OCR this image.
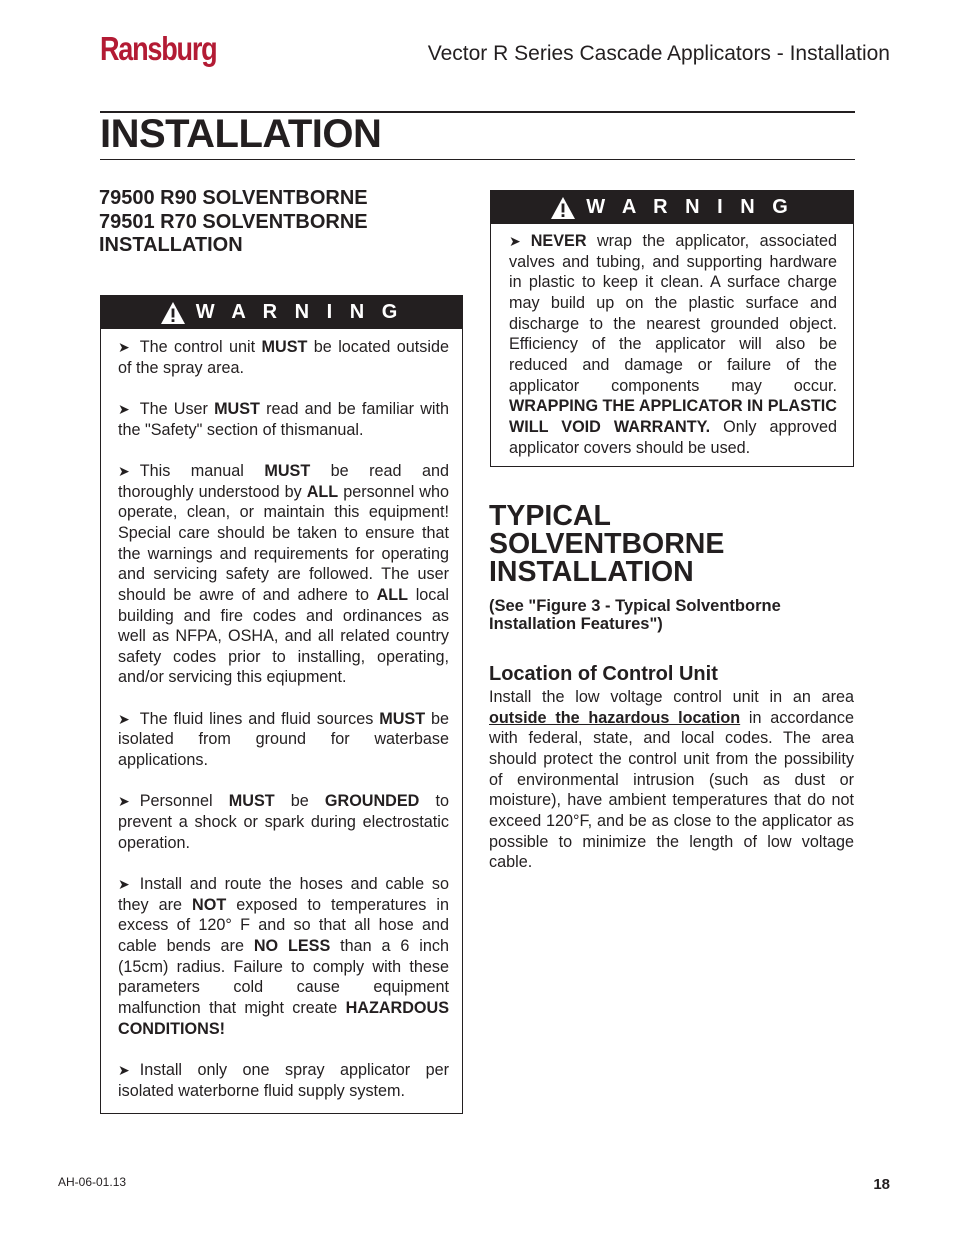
Ransburg	Vector R Series Cascade Applicators - Installation
INSTALLATION
79500 R90 SOLVENTBORNE
79501 R70 SOLVENTBORNE
INSTALLATION
W A R N I N G

➤ The control unit MUST be located outside of the spray area.

➤ The User MUST read and be familiar with the "Safety" section of thismanual.

➤ This manual MUST be read and thoroughly understood by ALL personnel who operate, clean, or maintain this equipment! Special care should be taken to ensure that the warnings and requirements for operating and servicing safety are followed. The user should be awre of and adhere to ALL local building and fire codes and ordinances as well as NFPA, OSHA, and all related country safety codes prior to installing, operating, and/or servicing this eqiupment.

➤ The fluid lines and fluid sources MUST be isolated from ground for waterbase applications.

➤ Personnel MUST be GROUNDED to prevent a shock or spark during electrostatic operation.

➤ Install and route the hoses and cable so they are NOT exposed to temperatures in excess of 120° F and so that all hose and cable bends are NO LESS than a 6 inch (15cm) radius. Failure to comply with these parameters cold cause equipment malfunction that might create HAZARDOUS CONDITIONS!

➤ Install only one spray applicator per isolated waterborne fluid supply system.

W A R N I N G

➤ NEVER wrap the applicator, associated valves and tubing, and supporting hardware in plastic to keep it clean. A surface charge may build up on the plastic surface and discharge to the nearest grounded object. Efficiency of the applicator will also be reduced and damage or failure of the applicator components may occur. WRAPPING THE APPLICATOR IN PLASTIC WILL VOID WARRANTY. Only approved applicator covers should be used.

TYPICAL
SOLVENTBORNE
INSTALLATION
(See "Figure 3 - Typical Solventborne
Installation Features")
Location of Control Unit
Install the low voltage control unit in an area outside the hazardous location in accordance with federal, state, and local codes. The area should protect the control unit from the possibility of environmental intrusion (such as dust or moisture), have ambient temperatures that do not exceed 120°F, and be as close to the applicator as possible to minimize the length of low voltage cable.
AH-06-01.13	18
